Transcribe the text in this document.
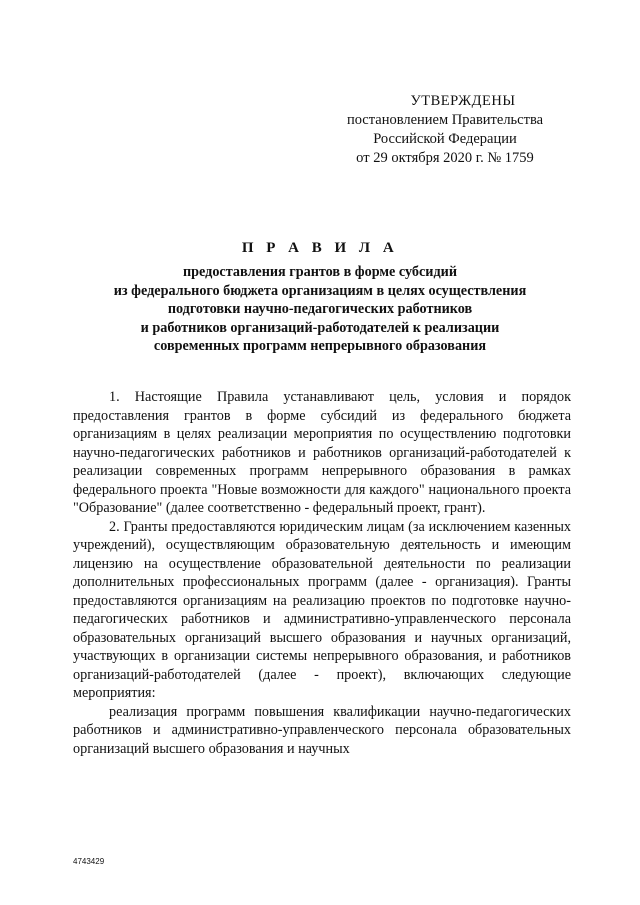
УТВЕРЖДЕНЫ
постановлением Правительства
Российской Федерации
от 29 октября 2020 г. № 1759
П Р А В И Л А
предоставления грантов в форме субсидий
из федерального бюджета организациям в целях осуществления
подготовки научно-педагогических работников
и работников организаций-работодателей к реализации
современных программ непрерывного образования

1. Настоящие Правила устанавливают цель, условия и порядок предоставления грантов в форме субсидий из федерального бюджета организациям в целях реализации мероприятия по осуществлению подготовки научно-педагогических работников и работников организаций-работодателей к реализации современных программ непрерывного образования в рамках федерального проекта "Новые возможности для каждого" национального проекта "Образование" (далее соответственно - федеральный проект, грант).

2. Гранты предоставляются юридическим лицам (за исключением казенных учреждений), осуществляющим образовательную деятельность и имеющим лицензию на осуществление образовательной деятельности по реализации дополнительных профессиональных программ (далее - организация). Гранты предоставляются организациям на реализацию проектов по подготовке научно-педагогических работников и административно-управленческого персонала образовательных организаций высшего образования и научных организаций, участвующих в организации системы непрерывного образования, и работников организаций-работодателей (далее - проект), включающих следующие мероприятия:

реализация программ повышения квалификации научно-педагогических работников и административно-управленческого персонала образовательных организаций высшего образования и научных

4743429
